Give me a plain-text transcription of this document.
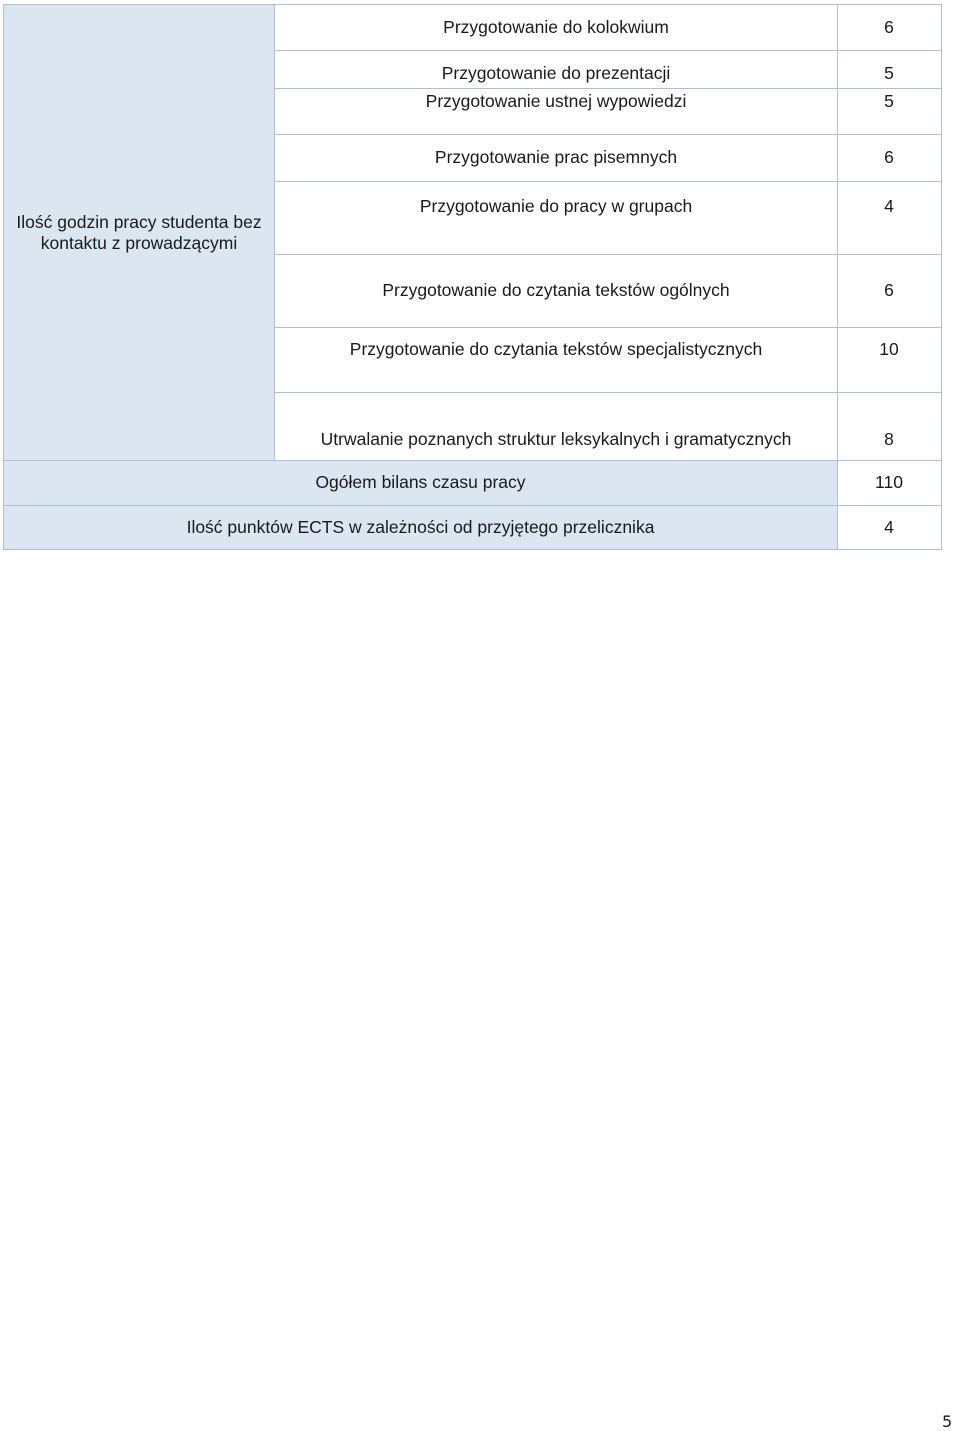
Ilość godzin pracy studenta bez kontaktu z prowadzącymi
Przygotowanie do kolokwium	6
Przygotowanie do prezentacji	5
Przygotowanie ustnej wypowiedzi	5
Przygotowanie prac pisemnych	6
Przygotowanie do pracy w grupach	4
Przygotowanie do czytania tekstów ogólnych	6
Przygotowanie do czytania tekstów specjalistycznych	10
Utrwalanie poznanych struktur leksykalnych i gramatycznych	8
Ogółem bilans czasu pracy	110
Ilość punktów ECTS w zależności od przyjętego przelicznika	4
5
